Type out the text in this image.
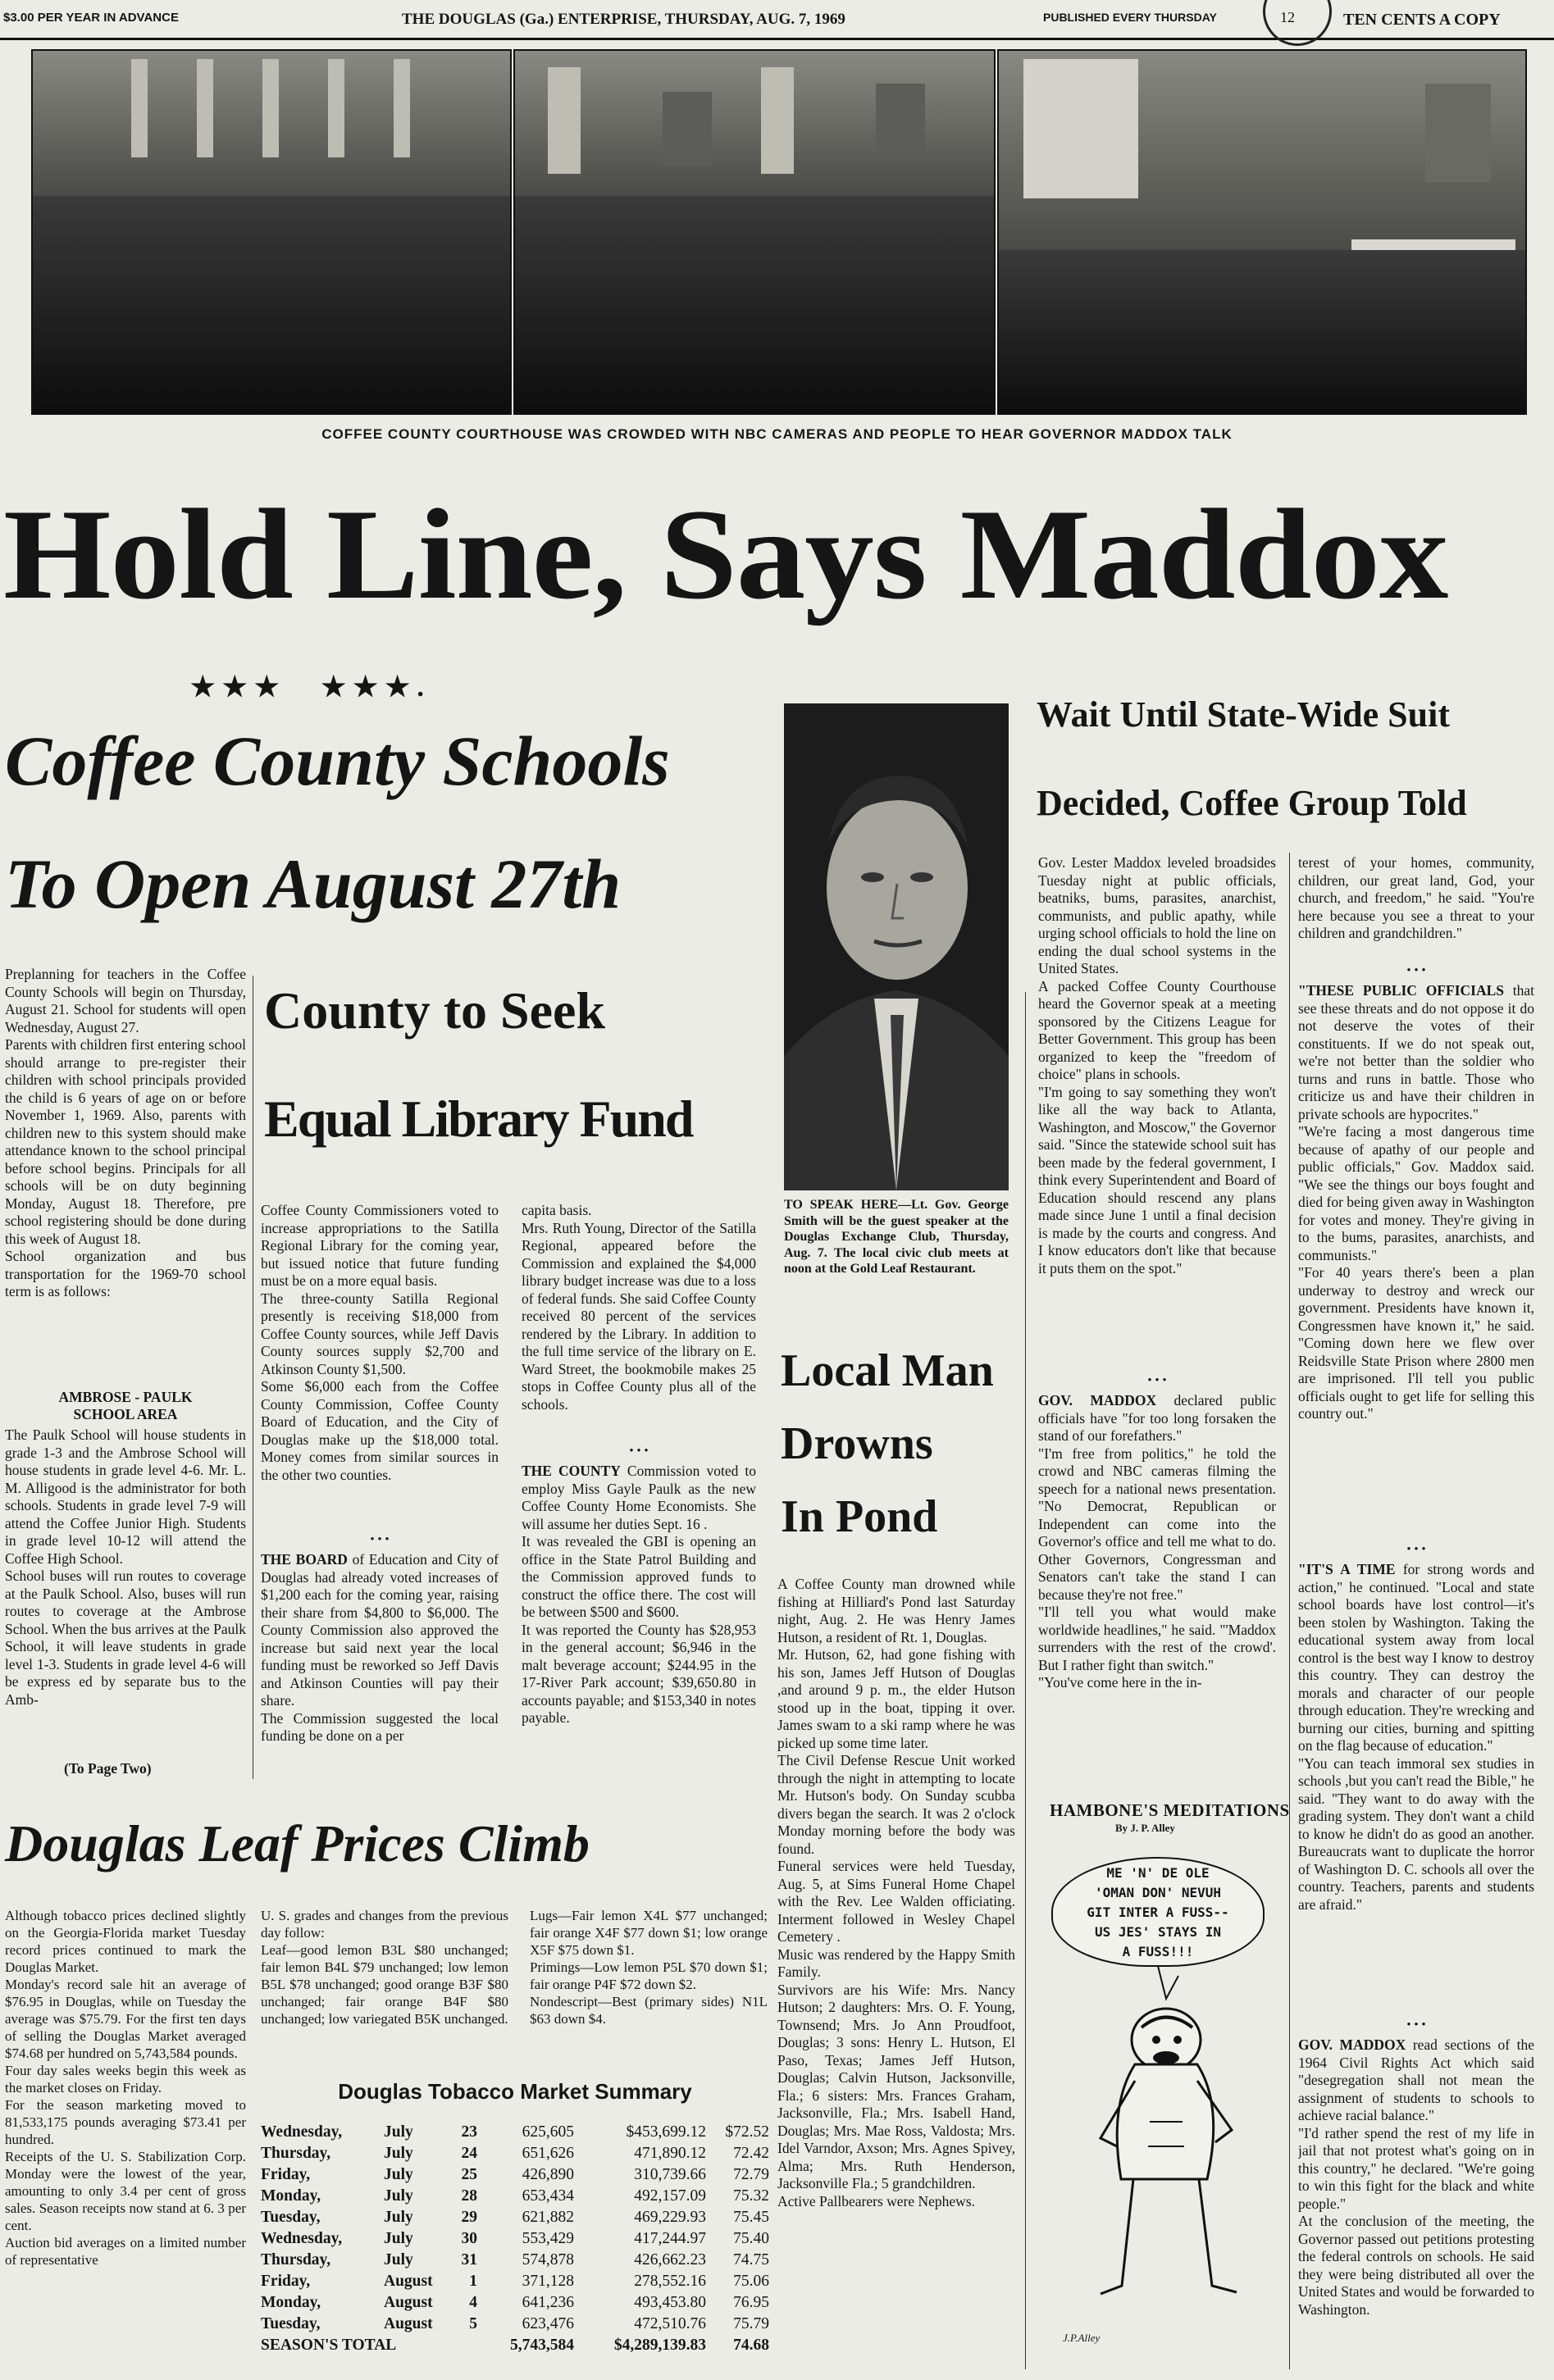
$3.00 PER YEAR IN ADVANCE	THE DOUGLAS (Ga.) ENTERPRISE, THURSDAY, AUG. 7, 1969	PUBLISHED EVERY THURSDAY	TEN CENTS A COPY
12
COFFEE COUNTY COURTHOUSE WAS CROWDED WITH NBC CAMERAS AND PEOPLE TO HEAR GOVERNOR MADDOX TALK
Hold Line, Says Maddox
★ ★ ★      ★ ★ ★ .
Coffee County Schools
To Open August 27th
Preplanning for teachers in the Coffee County Schools will begin on Thursday, August 21. School for students will open Wednesday, August 27.
Parents with children first entering school should arrange to pre-register their children with school principals provided the child is 6 years of age on or before November 1, 1969. Also, parents with children new to this system should make attendance known to the school principal before school begins. Principals for all schools will be on duty beginning Monday, August 18. Therefore, pre school registering should be done during this week of August 18.
School organization and bus transportation for the 1969-70 school term is as follows:
AMBROSE - PAULK
SCHOOL AREA
The Paulk School will house students in grade 1-3 and the Ambrose School will house students in grade level 4-6. Mr. L. M. Alligood is the administrator for both schools. Students in grade level 7-9 will attend the Coffee Junior High. Students in grade level 10-12 will attend the Coffee High School.
School buses will run routes to coverage at the Paulk School. Also, buses will run routes to coverage at the Ambrose School. When the bus arrives at the Paulk School, it will leave students in grade level 1-3. Students in grade level 4-6 will be express ed by separate bus to the Amb-
(To Page Two)
County to Seek
Equal Library Fund
Coffee County Commissioners voted to increase appropriations to the Satilla Regional Library for the coming year, but issued notice that future funding must be on a more equal basis.
The three-county Satilla Regional presently is receiving $18,000 from Coffee County sources, while Jeff Davis County sources supply $2,700 and Atkinson County $1,500.
Some $6,000 each from the Coffee County Commission, Coffee County Board of Education, and the City of Douglas make up the $18,000 total. Money comes from similar sources in the other two counties.
• • •
THE BOARD of Education and City of Douglas had already voted increases of $1,200 each for the coming year, raising their share from $4,800 to $6,000. The County Commission also approved the increase but said next year the local funding must be reworked so Jeff Davis and Atkinson Counties will pay their share.
The Commission suggested the local funding be done on a per
capita basis.
Mrs. Ruth Young, Director of the Satilla Regional, appeared before the Commission and explained the $4,000 library budget increase was due to a loss of federal funds. She said Coffee County received 80 percent of the services rendered by the Library. In addition to the full time service of the library on E. Ward Street, the bookmobile makes 25 stops in Coffee County plus all of the schools.
• • •
THE COUNTY Commission voted to employ Miss Gayle Paulk as the new Coffee County Home Economists. She will assume her duties Sept. 16 .
It was revealed the GBI is opening an office in the State Patrol Building and the Commission approved funds to construct the office there. The cost will be between $500 and $600.
It was reported the County has $28,953 in the general account; $6,946 in the malt beverage account; $244.95 in the 17-River Park account; $39,650.80 in accounts payable; and $153,340 in notes payable.
TO SPEAK HERE—Lt. Gov. George Smith will be the guest speaker at the Douglas Exchange Club, Thursday, Aug. 7. The local civic club meets at noon at the Gold Leaf Restaurant.
Local Man
Drowns
In Pond
A Coffee County man drowned while fishing at Hilliard's Pond last Saturday night, Aug. 2. He was Henry James Hutson, a resident of Rt. 1, Douglas.
Mr. Hutson, 62, had gone fishing with his son, James Jeff Hutson of Douglas ,and around 9 p. m., the elder Hutson stood up in the boat, tipping it over. James swam to a ski ramp where he was picked up some time later.
The Civil Defense Rescue Unit worked through the night in attempting to locate Mr. Hutson's body. On Sunday scubba divers began the search. It was 2 o'clock Monday morning before the body was found.
Funeral services were held Tuesday, Aug. 5, at Sims Funeral Home Chapel with the Rev. Lee Walden officiating. Interment followed in Wesley Chapel Cemetery .
Music was rendered by the Happy Smith Family.
Survivors are his Wife: Mrs. Nancy Hutson; 2 daughters: Mrs. O. F. Young, Townsend; Mrs. Jo Ann Proudfoot, Douglas; 3 sons: Henry L. Hutson, El Paso, Texas; James Jeff Hutson, Douglas; Calvin Hutson, Jacksonville, Fla.; 6 sisters: Mrs. Frances Graham, Jacksonville, Fla.; Mrs. Isabell Hand, Douglas; Mrs. Mae Ross, Valdosta; Mrs. Idel Varndor, Axson; Mrs. Agnes Spivey, Alma; Mrs. Ruth Henderson, Jacksonville Fla.; 5 grandchildren.
Active Pallbearers were Nephews.
Wait Until State-Wide Suit
Decided, Coffee Group Told
Gov. Lester Maddox leveled broadsides Tuesday night at public officials, beatniks, bums, parasites, anarchist, communists, and public apathy, while urging school officials to hold the line on ending the dual school systems in the United States.
A packed Coffee County Courthouse heard the Governor speak at a meeting sponsored by the Citizens League for Better Government. This group has been organized to keep the "freedom of choice" plans in schools.
"I'm going to say something they won't like all the way back to Atlanta, Washington, and Moscow," the Governor said. "Since the statewide school suit has been made by the federal government, I think every Superintendent and Board of Education should rescend any plans made since June 1 until a final decision is made by the courts and congress. And I know educators don't like that because it puts them on the spot."
• • •
GOV. MADDOX declared public officials have "for too long forsaken the stand of our forefathers."
"I'm free from politics," he told the crowd and NBC cameras filming the speech for a national news presentation. "No Democrat, Republican or Independent can come into the Governor's office and tell me what to do. Other Governors, Congressman and Senators can't take the stand I can because they're not free."
"I'll tell you what would make worldwide headlines," he said. "'Maddox surrenders with the rest of the crowd'. But I rather fight than switch."
"You've come here in the in-
terest of your homes, community, children, our great land, God, your church, and freedom," he said. "You're here because you see a threat to your children and grandchildren."
• • •
"THESE PUBLIC OFFICIALS that see these threats and do not oppose it do not deserve the votes of their constituents. If we do not speak out, we're not better than the soldier who turns and runs in battle. Those who criticize us and have their children in private schools are hypocrites."
"We're facing a most dangerous time because of apathy of our people and public officials," Gov. Maddox said. "We see the things our boys fought and died for being given away in Washington for votes and money. They're giving in to the bums, parasites, anarchists, and communists."
"For 40 years there's been a plan underway to destroy and wreck our government. Presidents have known it, Congressmen have known it," he said. "Coming down here we flew over Reidsville State Prison where 2800 men are imprisoned. I'll tell you public officials ought to get life for selling this country out."
• • •
"IT'S A TIME for strong words and action," he continued. "Local and state school boards have lost control—it's been stolen by Washington. Taking the educational system away from local control is the best way I know to destroy this country. They can destroy the morals and character of our people through education. They're wrecking and burning our cities, burning and spitting on the flag because of education."
"You can teach immoral sex studies in schools ,but you can't read the Bible," he said. "They want to do away with the grading system. They don't want a child to know he didn't do as good an another. Bureaucrats want to duplicate the horror of Washington D. C. schools all over the country. Teachers, parents and students are afraid."
• • •
GOV. MADDOX read sections of the 1964 Civil Rights Act which said "desegregation shall not mean the assignment of students to schools to achieve racial balance."
"I'd rather spend the rest of my life in jail that not protest what's going on in this country," he declared. "We're going to win this fight for the black and white people."
At the conclusion of the meeting, the Governor passed out petitions protesting the federal controls on schools. He said they were being distributed all over the United States and would be forwarded to Washington.
Douglas Leaf Prices Climb
Although tobacco prices declined slightly on the Georgia-Florida market Tuesday record prices continued to mark the Douglas Market.
Monday's record sale hit an average of $76.95 in Douglas, while on Tuesday the average was $75.79. For the first ten days of selling the Douglas Market averaged $74.68 per hundred on 5,743,584 pounds.
Four day sales weeks begin this week as the market closes on Friday.
For the season marketing moved to 81,533,175 pounds averaging $73.41 per hundred.
Receipts of the U. S. Stabilization Corp. Monday were the lowest of the year, amounting to only 3.4 per cent of gross sales. Season receipts now stand at 6. 3 per cent.
Auction bid averages on a limited number of representative
U. S. grades and changes from the previous day follow:
Leaf—good lemon B3L $80 unchanged; fair lemon B4L $79 unchanged; low lemon B5L $78 unchanged; good orange B3F $80 unchanged; fair orange B4F $80 unchanged; low variegated B5K unchanged.
Lugs—Fair lemon X4L $77 unchanged; fair orange X4F $77 down $1; low orange X5F $75 down $1.
Primings—Low lemon P5L $70 down $1; fair orange P4F $72 down $2.
Nondescript—Best (primary sides) N1L $63 down $4.
Douglas Tobacco Market Summary
Wednesday,	July	23	625,605	$453,699.12	$72.52
Thursday,	July	24	651,626	471,890.12	72.42
Friday,	July	25	426,890	310,739.66	72.79
Monday,	July	28	653,434	492,157.09	75.32
Tuesday,	July	29	621,882	469,229.93	75.45
Wednesday,	July	30	553,429	417,244.97	75.40
Thursday,	July	31	574,878	426,662.23	74.75
Friday,	August	1	371,128	278,552.16	75.06
Monday,	August	4	641,236	493,453.80	76.95
Tuesday,	August	5	623,476	472,510.76	75.79
SEASON'S TOTAL			5,743,584	$4,289,139.83	74.68
HAMBONE'S MEDITATIONS
By J. P. Alley
ME 'N' DE OLE
'OMAN DON' NEVUH
GIT INTER A FUSS--
US JES' STAYS IN
A FUSS!!!
J.P.Alley
